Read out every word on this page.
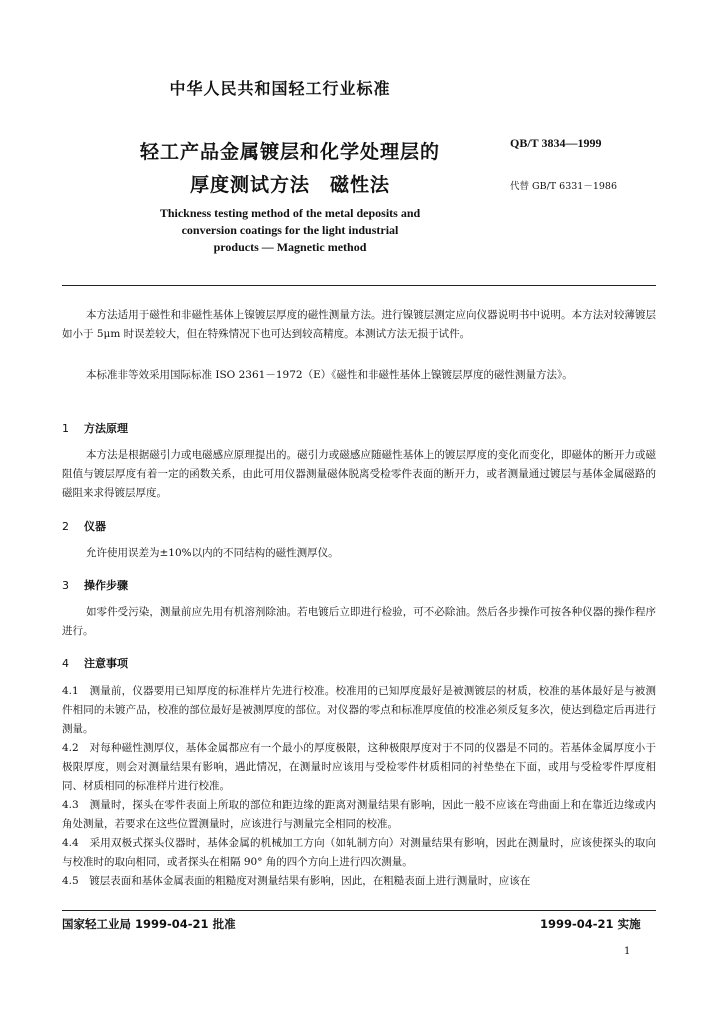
中华人民共和国轻工行业标准
轻工产品金属镀层和化学处理层的
厚度测试方法　磁性法
QB/T 3834—1999
代替 GB/T 6331－1986
Thickness testing method of the metal deposits and
conversion coatings for the light industrial
products — Magnetic method
本方法适用于磁性和非磁性基体上镍镀层厚度的磁性测量方法。进行镍镀层测定应向仪器说明书中说明。本方法对较薄镀层如小于 5μm 时误差较大，但在特殊情况下也可达到较高精度。本测试方法无损于试件。
本标准非等效采用国际标准 ISO 2361－1972（E）《磁性和非磁性基体上镍镀层厚度的磁性测量方法》。
1 方法原理
本方法是根据磁引力或电磁感应原理提出的。磁引力或磁感应随磁性基体上的镀层厚度的变化而变化，即磁体的断开力或磁阻值与镀层厚度有着一定的函数关系，由此可用仪器测量磁体脱离受检零件表面的断开力，或者测量通过镀层与基体金属磁路的磁阻来求得镀层厚度。
2 仪器
允许使用误差为±10%以内的不同结构的磁性测厚仪。
3 操作步骤
如零件受污染，测量前应先用有机溶剂除油。若电镀后立即进行检验，可不必除油。然后各步操作可按各种仪器的操作程序进行。
4 注意事项
4.1　测量前，仪器要用已知厚度的标准样片先进行校准。校准用的已知厚度最好是被测镀层的材质，校准的基体最好是与被测件相同的未镀产品，校准的部位最好是被测厚度的部位。对仪器的零点和标准厚度值的校准必须反复多次，使达到稳定后再进行测量。
4.2　对每种磁性测厚仪，基体金属都应有一个最小的厚度极限，这种极限厚度对于不同的仪器是不同的。若基体金属厚度小于极限厚度，则会对测量结果有影响，遇此情况，在测量时应该用与受检零件材质相同的衬垫垫在下面，或用与受检零件厚度相同、材质相同的标准样片进行校准。
4.3　测量时，探头在零件表面上所取的部位和距边缘的距离对测量结果有影响，因此一般不应该在弯曲面上和在靠近边缘或内角处测量，若要求在这些位置测量时，应该进行与测量完全相同的校准。
4.4　采用双极式探头仪器时，基体金属的机械加工方向（如轧制方向）对测量结果有影响，因此在测量时，应该使探头的取向与校准时的取向相同，或者探头在相隔 90° 角的四个方向上进行四次测量。
4.5　镀层表面和基体金属表面的粗糙度对测量结果有影响，因此，在粗糙表面上进行测量时，应该在
国家轻工业局 1999-04-21 批准	1999-04-21 实施
1
